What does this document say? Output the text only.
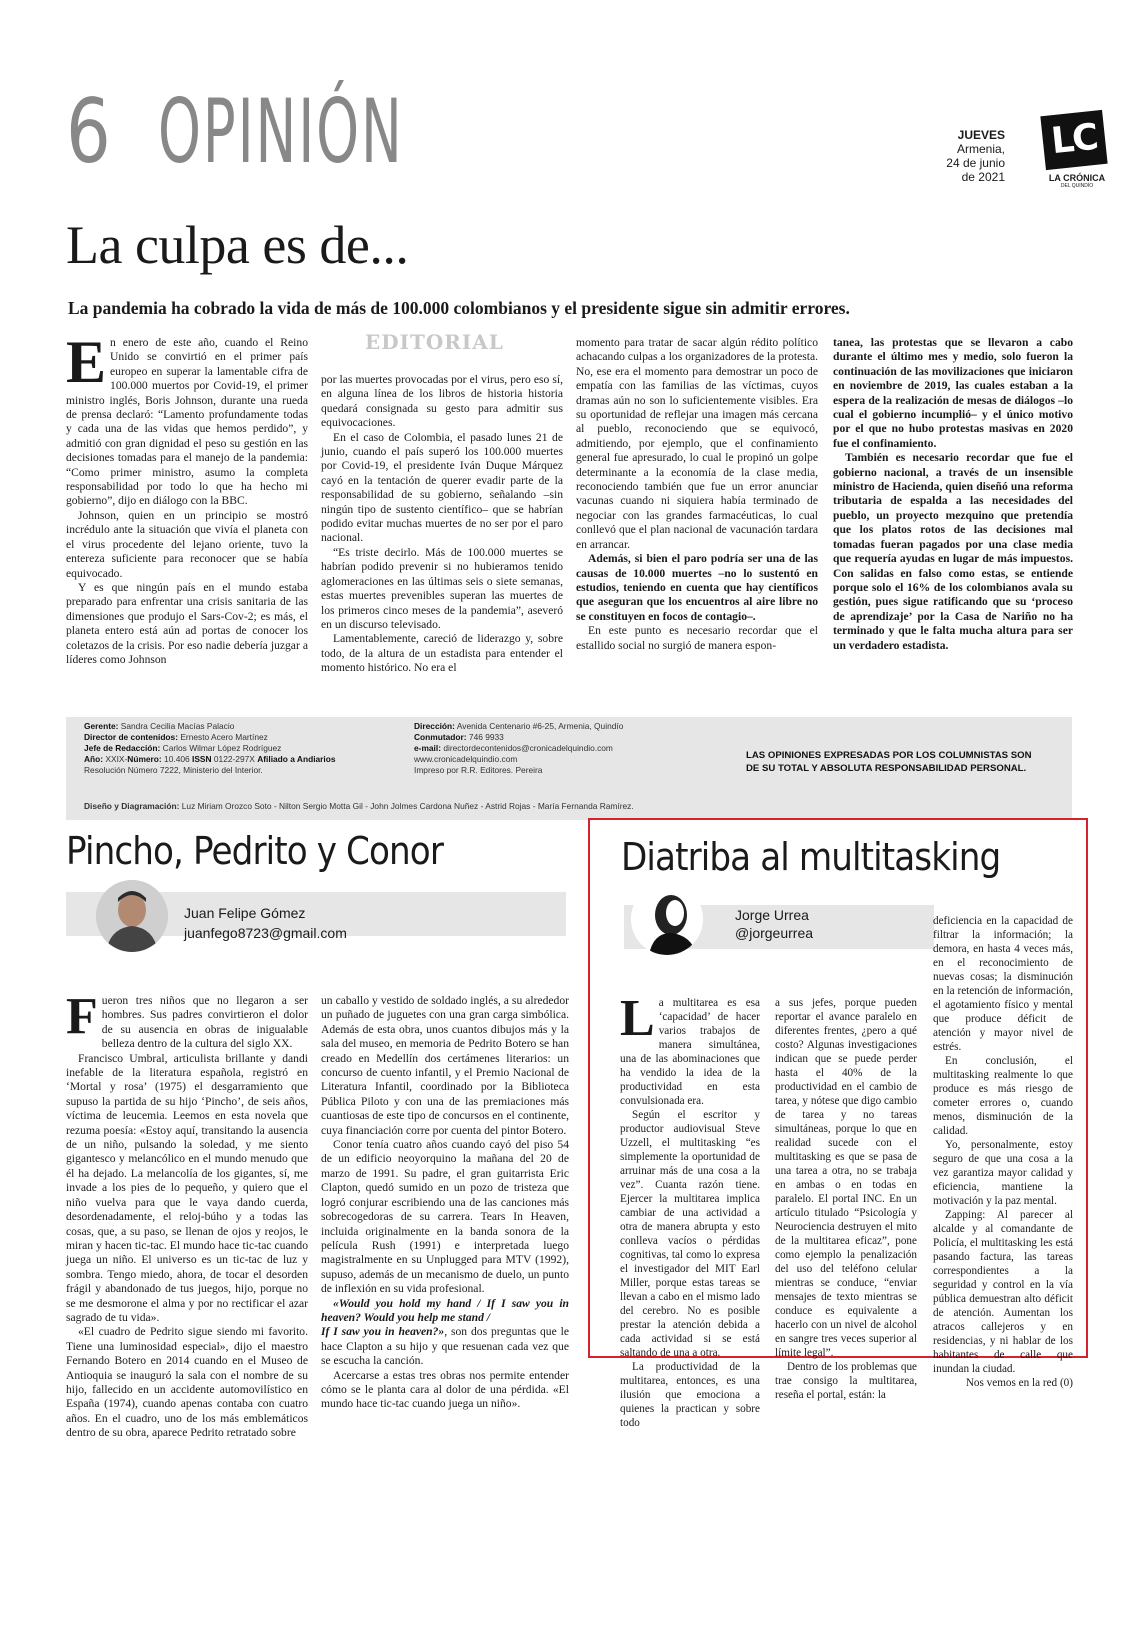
6 OPINIÓN	JUEVES
Armenia,
24 de junio
de 2021
LC
LA CRÓNICA
DEL QUINDÍO
La culpa es de...

La pandemia ha cobrado la vida de más de 100.000 colombianos y el presidente sigue sin admitir errores.

EDITORIAL

En enero de este año, cuando el Reino Unido se convirtió en el primer país europeo en superar la lamentable cifra de 100.000 muertos por Covid-19, el primer ministro inglés, Boris Johnson, durante una rueda de prensa declaró: “Lamento profundamente todas y cada una de las vidas que hemos perdido”, y admitió con gran dignidad el peso su gestión en las decisiones tomadas para el manejo de la pandemia: “Como primer ministro, asumo la completa responsabilidad por todo lo que ha hecho mi gobierno”, dijo en diálogo con la BBC.

Johnson, quien en un principio se mostró incrédulo ante la situación que vivía el planeta con el virus procedente del lejano oriente, tuvo la entereza suficiente para reconocer que se había equivocado.

Y es que ningún país en el mundo estaba preparado para enfrentar una crisis sanitaria de las dimensiones que produjo el Sars-Cov-2; es más, el planeta entero está aún ad portas de conocer los coletazos de la crisis. Por eso nadie debería juzgar a líderes como Johnson

por las muertes provocadas por el virus, pero eso sí, en alguna línea de los libros de historia historia quedará consignada su gesto para admitir sus equivocaciones.

En el caso de Colombia, el pasado lunes 21 de junio, cuando el país superó los 100.000 muertes por Covid-19, el presidente Iván Duque Márquez cayó en la tentación de querer evadir parte de la responsabilidad de su gobierno, señalando –sin ningún tipo de sustento científico– que se habrían podido evitar muchas muertes de no ser por el paro nacional.

“Es triste decirlo. Más de 100.000 muertes se habrían podido prevenir si no hubieramos tenido aglomeraciones en las últimas seis o siete semanas, estas muertes prevenibles superan las muertes de los primeros cinco meses de la pandemia”, aseveró en un discurso televisado.

Lamentablemente, careció de liderazgo y, sobre todo, de la altura de un estadista para entender el momento histórico. No era el

momento para tratar de sacar algún rédito político achacando culpas a los organizadores de la protesta. No, ese era el momento para demostrar un poco de empatía con las familias de las víctimas, cuyos dramas aún no son lo suficientemente visibles. Era su oportunidad de reflejar una imagen más cercana al pueblo, reconociendo que se equivocó, admitiendo, por ejemplo, que el confinamiento general fue apresurado, lo cual le propinó un golpe determinante a la economía de la clase media, reconociendo también que fue un error anunciar vacunas cuando ni siquiera había terminado de negociar con las grandes farmacéuticas, lo cual conllevó que el plan nacional de vacunación tardara en arrancar.

Además, si bien el paro podría ser una de las causas de 10.000 muertes –no lo sustentó en estudios, teniendo en cuenta que hay científicos que aseguran que los encuentros al aire libre no se constituyen en focos de contagio–.

En este punto es necesario recordar que el estallido social no surgió de manera espon-

tanea, las protestas que se llevaron a cabo durante el último mes y medio, solo fueron la continuación de las movilizaciones que iniciaron en noviembre de 2019, las cuales estaban a la espera de la realización de mesas de diálogos –lo cual el gobierno incumplió– y el único motivo por el que no hubo protestas masivas en 2020 fue el confinamiento.

También es necesario recordar que fue el gobierno nacional, a través de un insensible ministro de Hacienda, quien diseñó una reforma tributaria de espalda a las necesidades del pueblo, un proyecto mezquino que pretendía que los platos rotos de las decisiones mal tomadas fueran pagados por una clase media que requería ayudas en lugar de más impuestos. Con salidas en falso como estas, se entiende porque solo el 16% de los colombianos avala su gestión, pues sigue ratificando que su ‘proceso de aprendizaje’ por la Casa de Nariño no ha terminado y que le falta mucha altura para ser un verdadero estadista.

Gerente: Sandra Cecilia Macías Palacio
Director de contenidos: Ernesto Acero Martínez
Jefe de Redacción: Carlos Wilmar López Rodríguez
Año: XXIX-Número: 10.406 ISSN 0122-297X Afiliado a Andiarios
Resolución Número 7222, Ministerio del Interior.
Dirección: Avenida Centenario #6-25, Armenia, Quindío
Conmutador: 746 9933
e-mail: directordecontenidos@cronicadelquindio.com
www.cronicadelquindio.com
Impreso por R.R. Editores. Pereira
LAS OPINIONES EXPRESADAS POR LOS COLUMNISTAS SON DE SU TOTAL Y ABSOLUTA RESPONSABILIDAD PERSONAL.
Diseño y Diagramación: Luz Miriam Orozco Soto - Nilton Sergio Motta Gil - John Jolmes Cardona Nuñez - Astrid Rojas - María Fernanda Ramírez.
Pincho, Pedrito y Conor
Juan Felipe Gómez
juanfego8723@gmail.com

Fueron tres niños que no llegaron a ser hombres. Sus padres convirtieron el dolor de su ausencia en obras de inigualable belleza dentro de la cultura del siglo XX.

Francisco Umbral, articulista brillante y dandi inefable de la literatura española, registró en ‘Mortal y rosa’ (1975) el desgarramiento que supuso la partida de su hijo ‘Pincho’, de seis años, víctima de leucemia. Leemos en esta novela que rezuma poesía: «Estoy aquí, transitando la ausencia de un niño, pulsando la soledad, y me siento gigantesco y melancólico en el mundo menudo que él ha dejado. La melancolía de los gigantes, sí, me invade a los pies de lo pequeño, y quiero que el niño vuelva para que le vaya dando cuerda, desordenadamente, el reloj-búho y a todas las cosas, que, a su paso, se llenan de ojos y reojos, le miran y hacen tic-tac. El mundo hace tic-tac cuando juega un niño. El universo es un tic-tac de luz y sombra. Tengo miedo, ahora, de tocar el desorden frágil y abandonado de tus juegos, hijo, porque no se me desmorone el alma y por no rectificar el azar sagrado de tu vida».

«El cuadro de Pedrito sigue siendo mi favorito. Tiene una luminosidad especial», dijo el maestro Fernando Botero en 2014 cuando en el Museo de Antioquia se inauguró la sala con el nombre de su hijo, fallecido en un accidente automovilístico en España (1974), cuando apenas contaba con cuatro años. En el cuadro, uno de los más emblemáticos dentro de su obra, aparece Pedrito retratado sobre

un caballo y vestido de soldado inglés, a su alrededor un puñado de juguetes con una gran carga simbólica. Además de esta obra, unos cuantos dibujos más y la sala del museo, en memoria de Pedrito Botero se han creado en Medellín dos certámenes literarios: un concurso de cuento infantil, y el Premio Nacional de Literatura Infantil, coordinado por la Biblioteca Pública Piloto y con una de las premiaciones más cuantiosas de este tipo de concursos en el continente, cuya financiación corre por cuenta del pintor Botero.

Conor tenía cuatro años cuando cayó del piso 54 de un edificio neoyorquino la mañana del 20 de marzo de 1991. Su padre, el gran guitarrista Eric Clapton, quedó sumido en un pozo de tristeza que logró conjurar escribiendo una de las canciones más sobrecogedoras de su carrera. Tears In Heaven, incluida originalmente en la banda sonora de la película Rush (1991) e interpretada luego magistralmente en su Unplugged para MTV (1992), supuso, además de un mecanismo de duelo, un punto de inflexión en su vida profesional.

«Would you hold my hand / If I saw you in heaven? Would you help me stand /

If I saw you in heaven?», son dos preguntas que le hace Clapton a su hijo y que resuenan cada vez que se escucha la canción.

Acercarse a estas tres obras nos permite entender cómo se le planta cara al dolor de una pérdida. «El mundo hace tic-tac cuando juega un niño».

Diatriba al multitasking
Jorge Urrea
@jorgeurrea

La multitarea es esa ‘capacidad’ de hacer varios trabajos de manera simultánea, una de las abominaciones que ha vendido la idea de la productividad en esta convulsionada era.

Según el escritor y productor audiovisual Steve Uzzell, el multitasking “es simplemente la oportunidad de arruinar más de una cosa a la vez”. Cuanta razón tiene. Ejercer la multitarea implica cambiar de una actividad a otra de manera abrupta y esto conlleva vacíos o pérdidas cognitivas, tal como lo expresa el investigador del MIT Earl Miller, porque estas tareas se llevan a cabo en el mismo lado del cerebro. No es posible prestar la atención debida a cada actividad si se está saltando de una a otra.

La productividad de la multitarea, entonces, es una ilusión que emociona a quienes la practican y sobre todo

a sus jefes, porque pueden reportar el avance paralelo en diferentes frentes, ¿pero a qué costo? Algunas investigaciones indican que se puede perder hasta el 40% de la productividad en el cambio de tarea, y nótese que digo cambio de tarea y no tareas simultáneas, porque lo que en realidad sucede con el multitasking es que se pasa de una tarea a otra, no se trabaja en ambas o en todas en paralelo. El portal INC. En un artículo titulado “Psicología y Neurociencia destruyen el mito de la multitarea eficaz”, pone como ejemplo la penalización del uso del teléfono celular mientras se conduce, “enviar mensajes de texto mientras se conduce es equivalente a hacerlo con un nivel de alcohol en sangre tres veces superior al límite legal”.

Dentro de los problemas que trae consigo la multitarea, reseña el portal, están: la

deficiencia en la capacidad de filtrar la información; la demora, en hasta 4 veces más, en el reconocimiento de nuevas cosas; la disminución en la retención de información, el agotamiento físico y mental que produce déficit de atención y mayor nivel de estrés.

En conclusión, el multitasking realmente lo que produce es más riesgo de cometer errores o, cuando menos, disminución de la calidad.

Yo, personalmente, estoy seguro de que una cosa a la vez garantiza mayor calidad y eficiencia, mantiene la motivación y la paz mental.

Zapping: Al parecer al alcalde y al comandante de Policía, el multitasking les está pasando factura, las tareas correspondientes a la seguridad y control en la vía pública demuestran alto déficit de atención. Aumentan los atracos callejeros y en residencias, y ni hablar de los habitantes de calle que inundan la ciudad.

Nos vemos en la red (0)
